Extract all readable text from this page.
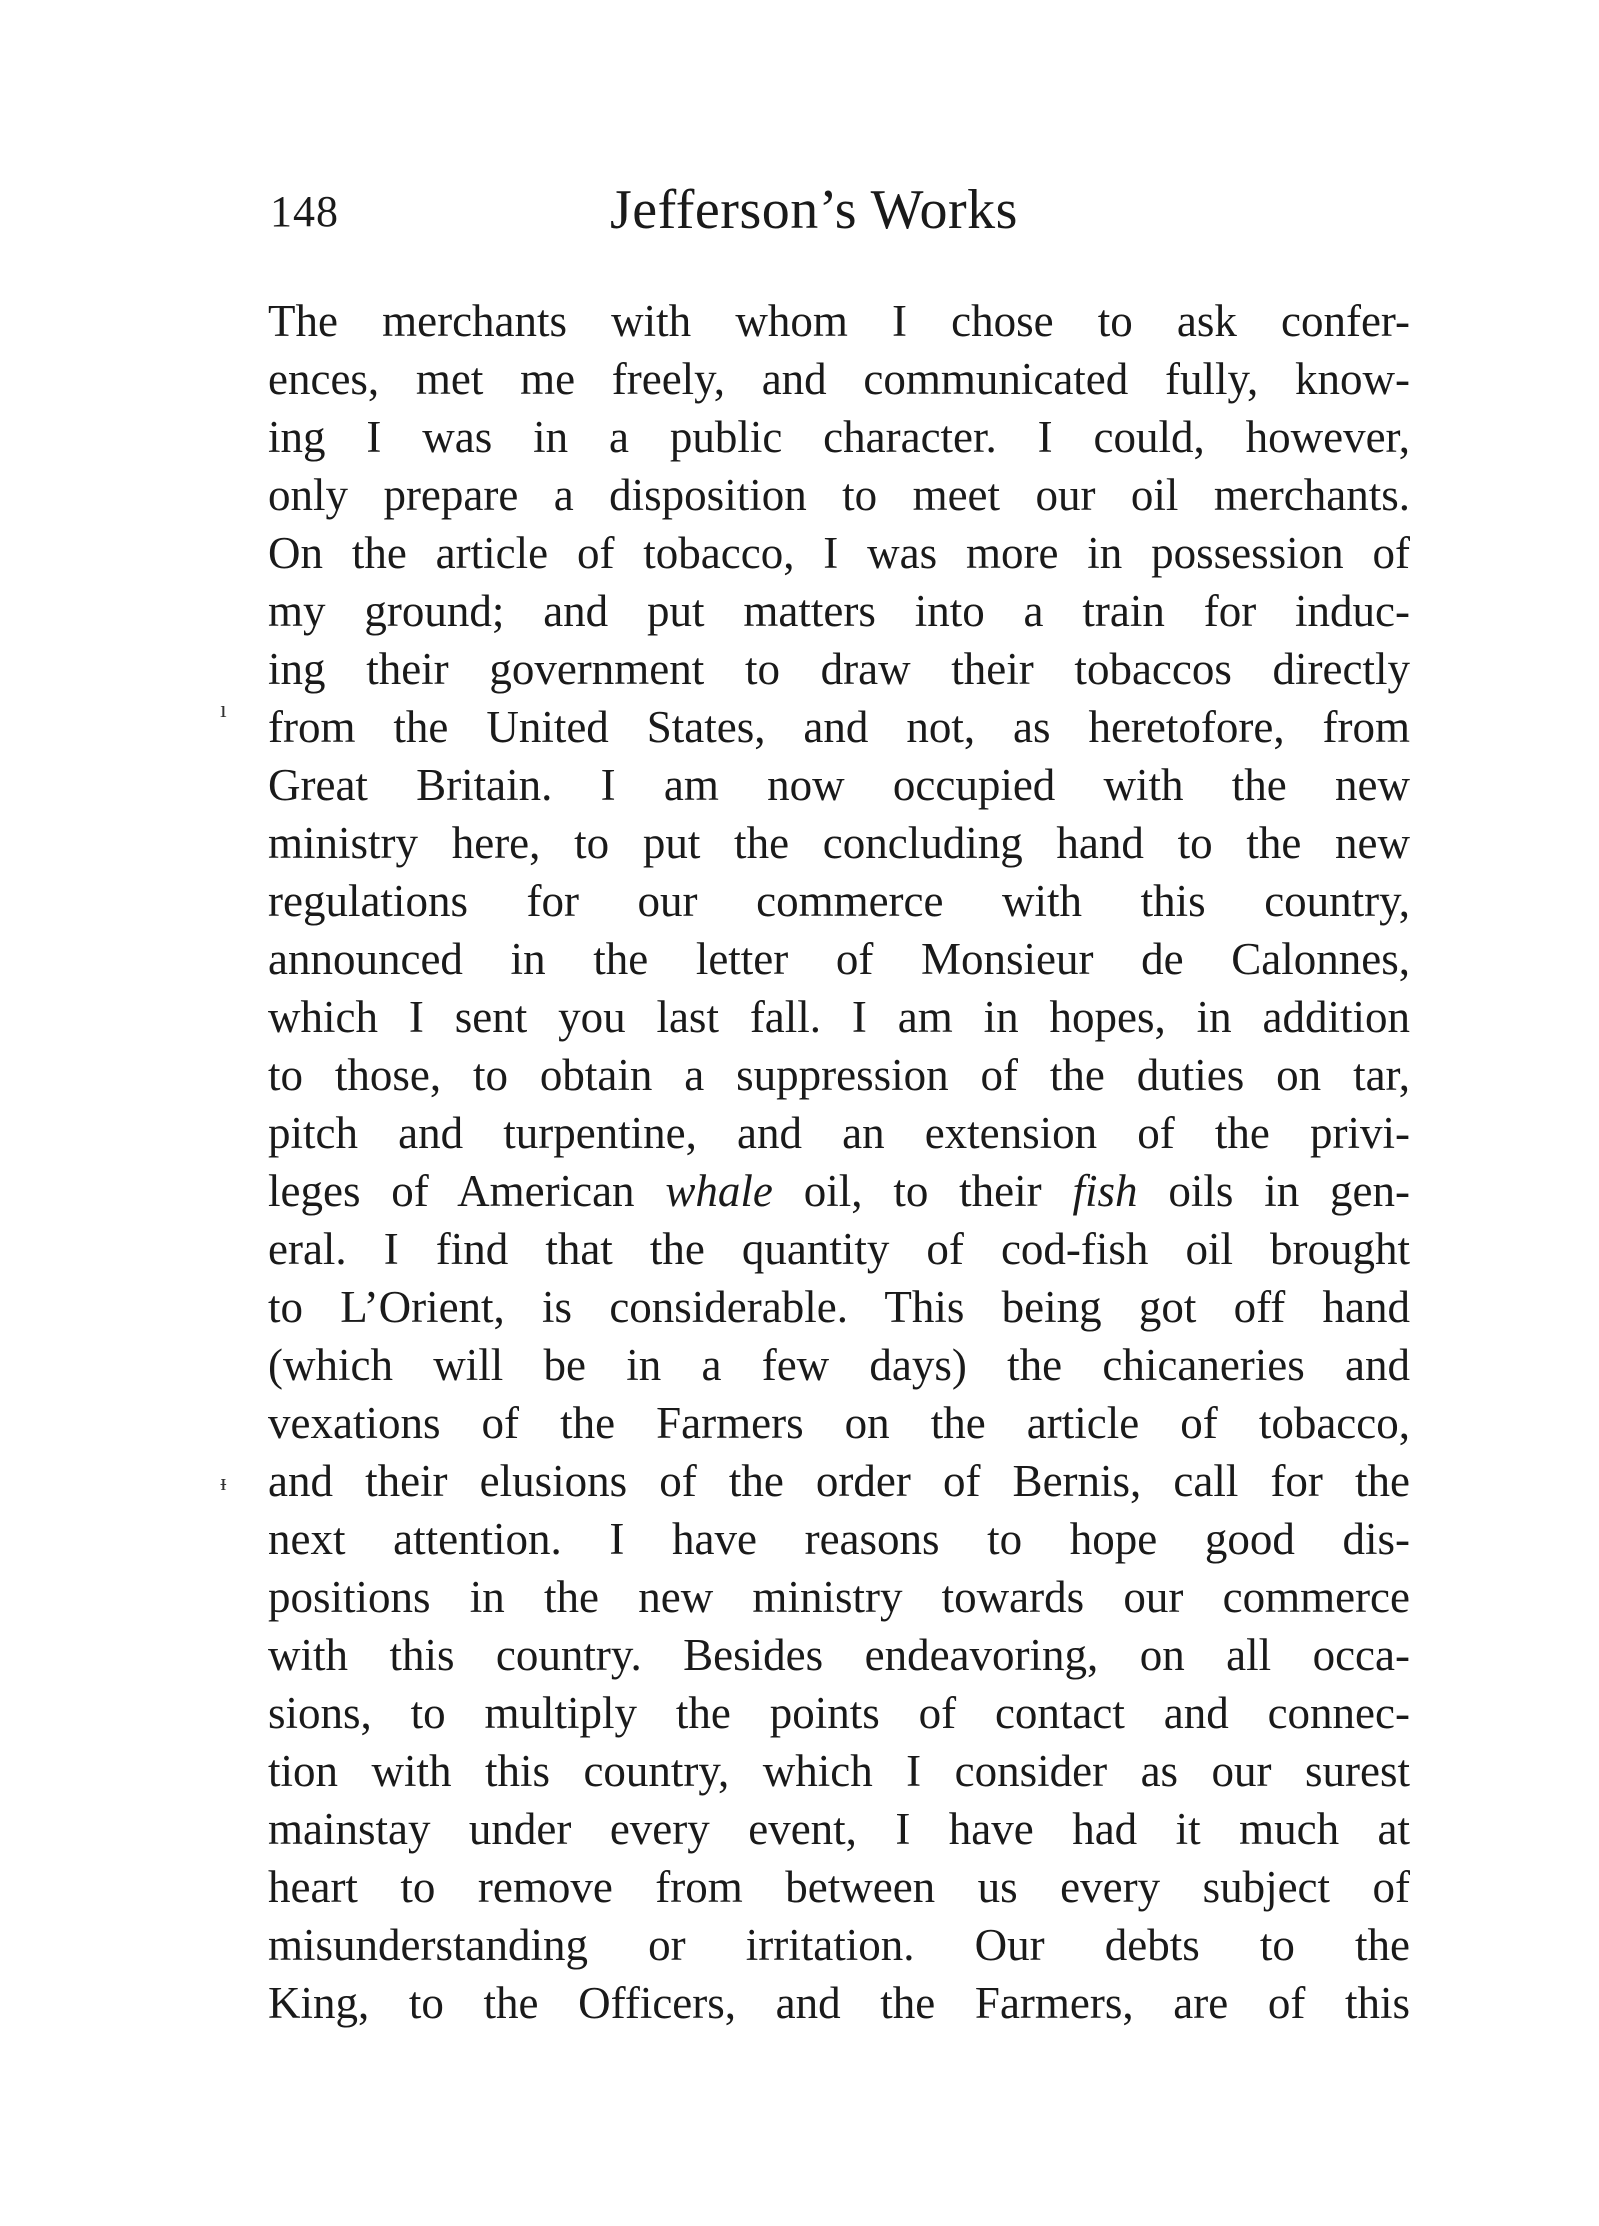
148	Jefferson’s Works
ı
ᵻ
The merchants with whom I chose to ask confer-
ences, met me freely, and communicated fully, know-
ing I was in a public character. I could, however,
only prepare a disposition to meet our oil merchants.
On the article of tobacco, I was more in possession of
my ground; and put matters into a train for induc-
ing their government to draw their tobaccos directly
from the United States, and not, as heretofore, from
Great Britain. I am now occupied with the new
ministry here, to put the concluding hand to the new
regulations for our commerce with this country,
announced in the letter of Monsieur de Calonnes,
which I sent you last fall. I am in hopes, in addition
to those, to obtain a suppression of the duties on tar,
pitch and turpentine, and an extension of the privi-
leges of American whale oil, to their fish oils in gen-
eral. I find that the quantity of cod-fish oil brought
to L’Orient, is considerable. This being got off hand
(which will be in a few days) the chicaneries and
vexations of the Farmers on the article of tobacco,
and their elusions of the order of Bernis, call for the
next attention. I have reasons to hope good dis-
positions in the new ministry towards our commerce
with this country. Besides endeavoring, on all occa-
sions, to multiply the points of contact and connec-
tion with this country, which I consider as our surest
mainstay under every event, I have had it much at
heart to remove from between us every subject of
misunderstanding or irritation. Our debts to the
King, to the Officers, and the Farmers, are of this
